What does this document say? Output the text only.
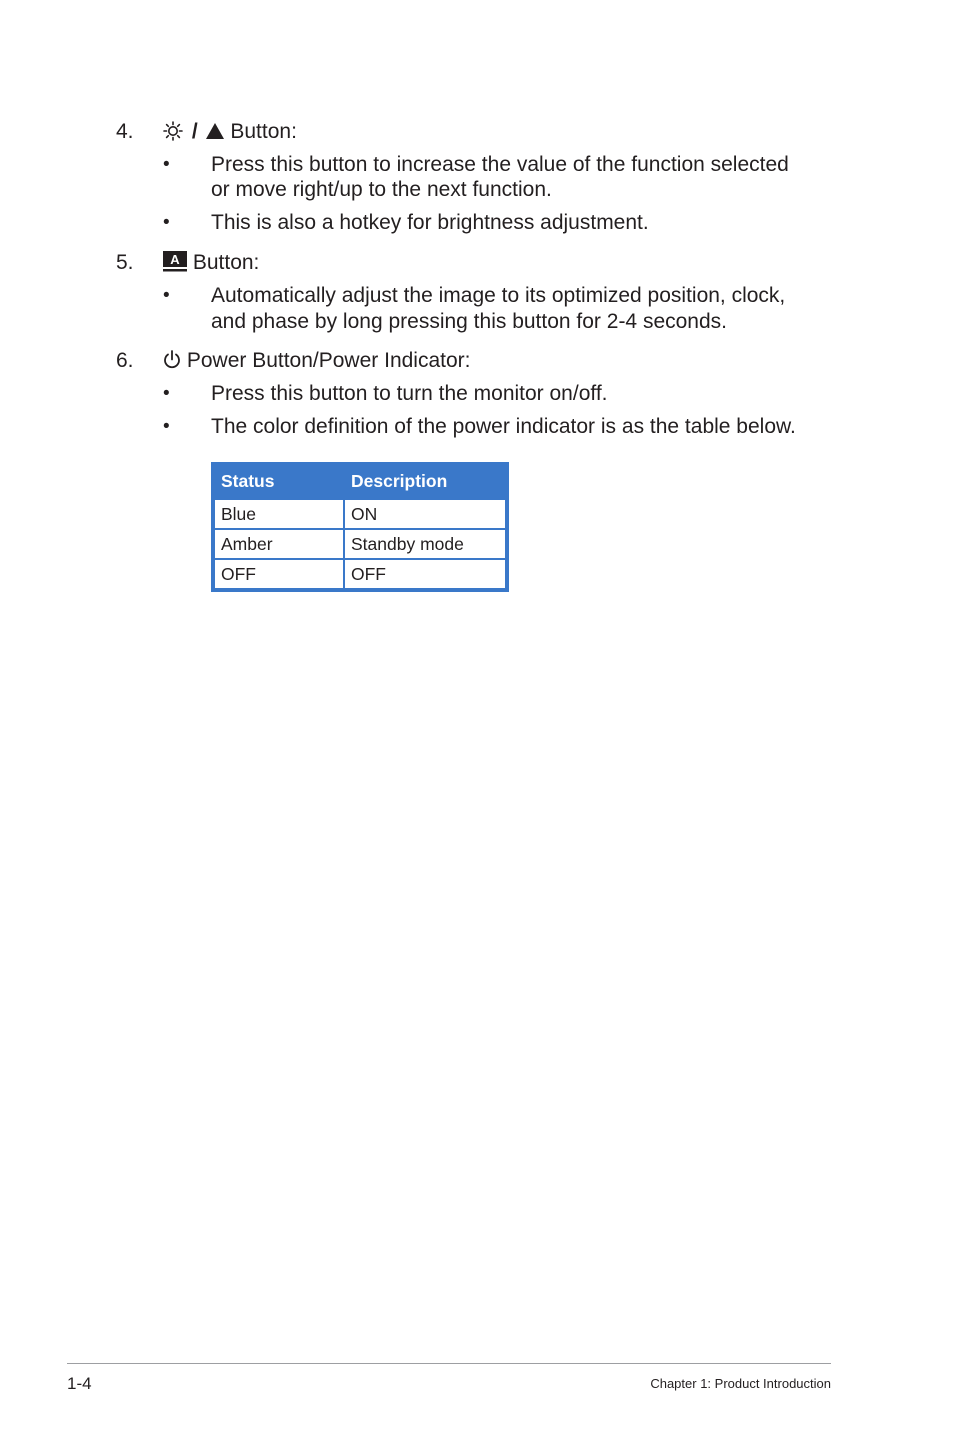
4.	/ Button:
• Press this button to increase the value of the function selected
or move right/up to the next function.
• This is also a hotkey for brightness adjustment.
5.	A Button:
• Automatically adjust the image to its optimized position, clock,
and phase by long pressing this button for 2-4 seconds.
6.	Power Button/Power Indicator:
• Press this button to turn the monitor on/off.
• The color definition of the power indicator is as the table below.
Status	Description
Blue	ON
Amber	Standby mode
OFF	OFF
1-4	Chapter 1: Product Introduction
